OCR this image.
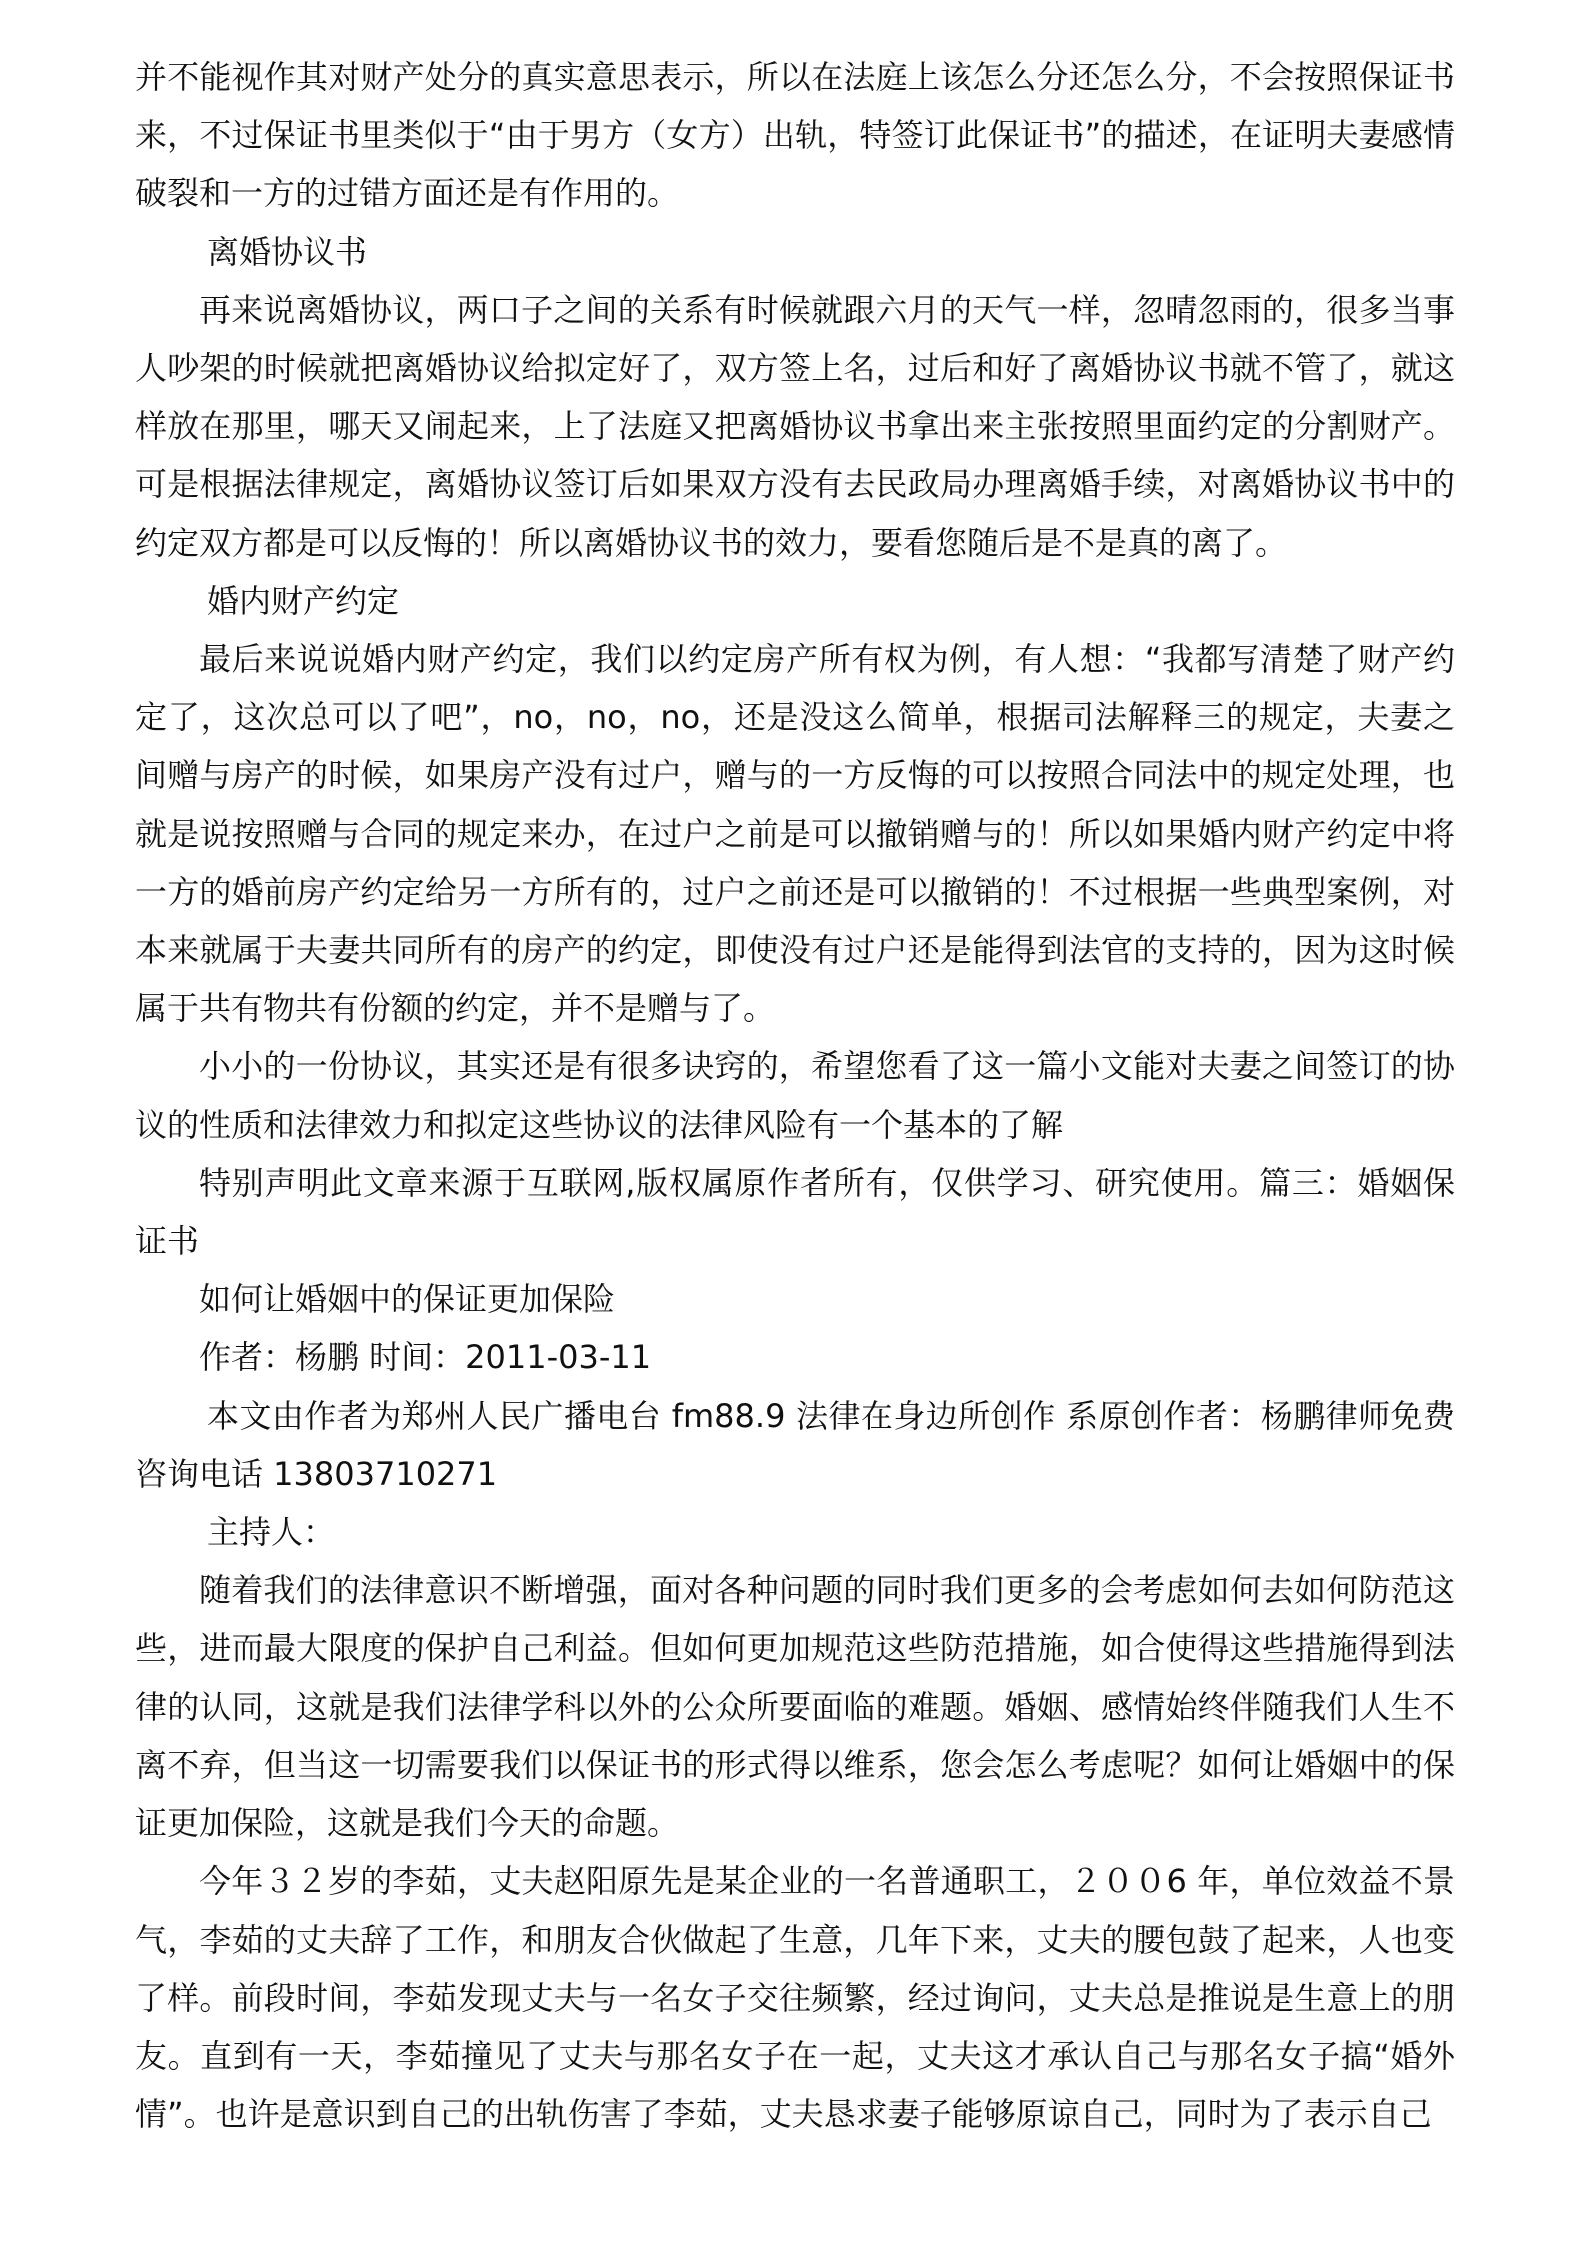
并不能视作其对财产处分的真实意思表示，所以在法庭上该怎么分还怎么分，不会按照保证书来，不过保证书里类似于“由于男方（女方）出轨，特签订此保证书”的描述，在证明夫妻感情破裂和一方的过错方面还是有作用的。

离婚协议书

再来说离婚协议，两口子之间的关系有时候就跟六月的天气一样，忽晴忽雨的，很多当事人吵架的时候就把离婚协议给拟定好了，双方签上名，过后和好了离婚协议书就不管了，就这样放在那里，哪天又闹起来，上了法庭又把离婚协议书拿出来主张按照里面约定的分割财产。可是根据法律规定，离婚协议签订后如果双方没有去民政局办理离婚手续，对离婚协议书中的约定双方都是可以反悔的！所以离婚协议书的效力，要看您随后是不是真的离了。

婚内财产约定

最后来说说婚内财产约定，我们以约定房产所有权为例，有人想：“我都写清楚了财产约定了，这次总可以了吧”，no，no，no，还是没这么简单，根据司法解释三的规定，夫妻之间赠与房产的时候，如果房产没有过户，赠与的一方反悔的可以按照合同法中的规定处理，也就是说按照赠与合同的规定来办，在过户之前是可以撤销赠与的！所以如果婚内财产约定中将一方的婚前房产约定给另一方所有的，过户之前还是可以撤销的！不过根据一些典型案例，对本来就属于夫妻共同所有的房产的约定，即使没有过户还是能得到法官的支持的，因为这时候属于共有物共有份额的约定，并不是赠与了。

小小的一份协议，其实还是有很多诀窍的，希望您看了这一篇小文能对夫妻之间签订的协议的性质和法律效力和拟定这些协议的法律风险有一个基本的了解

特别声明此文章来源于互联网,版权属原作者所有，仅供学习、研究使用。篇三：婚姻保证书

如何让婚姻中的保证更加保险

作者：杨鹏 时间：2011-03-11

本文由作者为郑州人民广播电台 fm88.9 法律在身边所创作 系原创作者：杨鹏律师免费咨询电话 13803710271

主持人：

随着我们的法律意识不断增强，面对各种问题的同时我们更多的会考虑如何去如何防范这些，进而最大限度的保护自己利益。但如何更加规范这些防范措施，如合使得这些措施得到法律的认同，这就是我们法律学科以外的公众所要面临的难题。婚姻、感情始终伴随我们人生不离不弃，但当这一切需要我们以保证书的形式得以维系，您会怎么考虑呢？如何让婚姻中的保证更加保险，这就是我们今天的命题。

今年３２岁的李茹，丈夫赵阳原先是某企业的一名普通职工，２００6 年，单位效益不景气，李茹的丈夫辞了工作，和朋友合伙做起了生意，几年下来，丈夫的腰包鼓了起来，人也变了样。前段时间，李茹发现丈夫与一名女子交往频繁，经过询问，丈夫总是推说是生意上的朋友。直到有一天，李茹撞见了丈夫与那名女子在一起，丈夫这才承认自己与那名女子搞“婚外情”。也许是意识到自己的出轨伤害了李茹，丈夫恳求妻子能够原谅自己，同时为了表示自己
